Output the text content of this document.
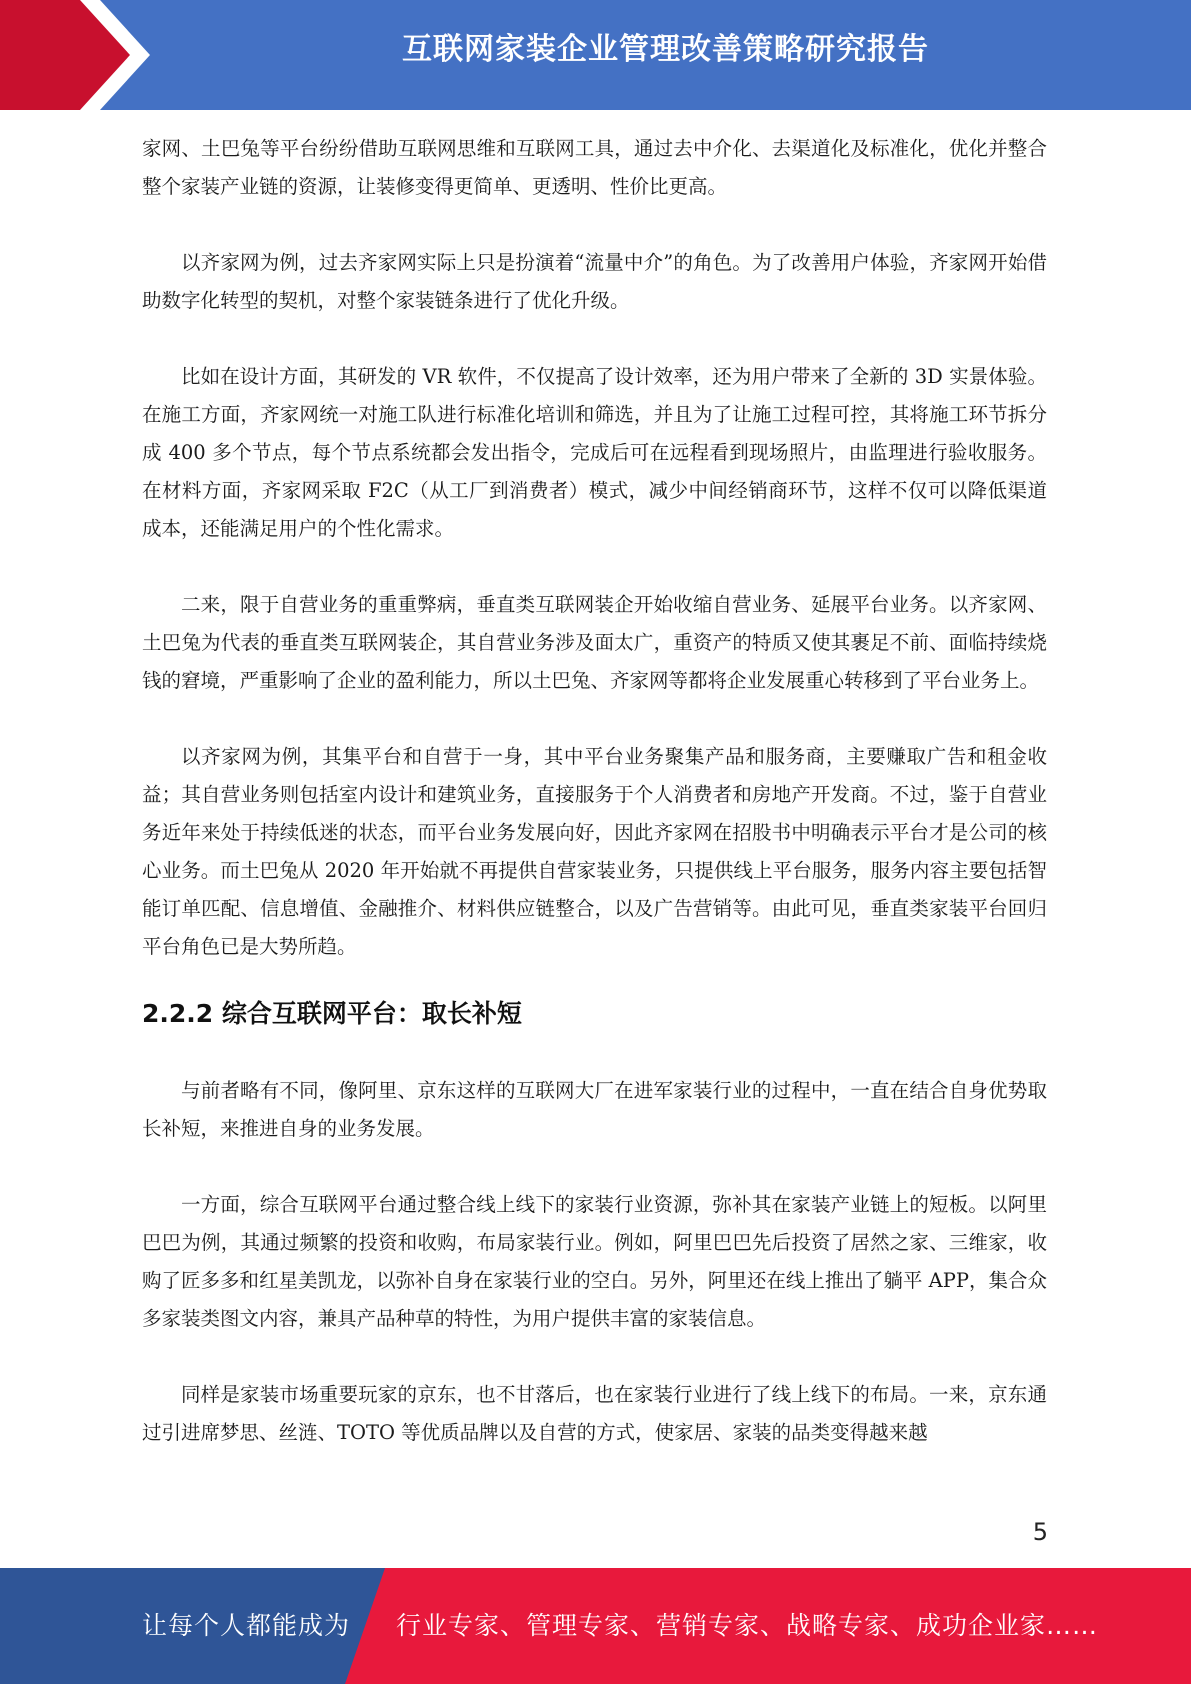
互联网家装企业管理改善策略研究报告

家网、土巴兔等平台纷纷借助互联网思维和互联网工具，通过去中介化、去渠道化及标准化，优化并整合整个家装产业链的资源，让装修变得更简单、更透明、性价比更高。

以齐家网为例，过去齐家网实际上只是扮演着“流量中介”的角色。为了改善用户体验，齐家网开始借助数字化转型的契机，对整个家装链条进行了优化升级。

比如在设计方面，其研发的 VR 软件，不仅提高了设计效率，还为用户带来了全新的 3D 实景体验。在施工方面，齐家网统一对施工队进行标准化培训和筛选，并且为了让施工过程可控，其将施工环节拆分成 400 多个节点，每个节点系统都会发出指令，完成后可在远程看到现场照片，由监理进行验收服务。在材料方面，齐家网采取 F2C（从工厂到消费者）模式，减少中间经销商环节，这样不仅可以降低渠道成本，还能满足用户的个性化需求。

二来，限于自营业务的重重弊病，垂直类互联网装企开始收缩自营业务、延展平台业务。以齐家网、土巴兔为代表的垂直类互联网装企，其自营业务涉及面太广，重资产的特质又使其裹足不前、面临持续烧钱的窘境，严重影响了企业的盈利能力，所以土巴兔、齐家网等都将企业发展重心转移到了平台业务上。

以齐家网为例，其集平台和自营于一身，其中平台业务聚集产品和服务商，主要赚取广告和租金收益；其自营业务则包括室内设计和建筑业务，直接服务于个人消费者和房地产开发商。不过，鉴于自营业务近年来处于持续低迷的状态，而平台业务发展向好，因此齐家网在招股书中明确表示平台才是公司的核心业务。而土巴兔从 2020 年开始就不再提供自营家装业务，只提供线上平台服务，服务内容主要包括智能订单匹配、信息增值、金融推介、材料供应链整合，以及广告营销等。由此可见，垂直类家装平台回归平台角色已是大势所趋。

2.2.2 综合互联网平台：取长补短

与前者略有不同，像阿里、京东这样的互联网大厂在进军家装行业的过程中，一直在结合自身优势取长补短，来推进自身的业务发展。

一方面，综合互联网平台通过整合线上线下的家装行业资源，弥补其在家装产业链上的短板。以阿里巴巴为例，其通过频繁的投资和收购，布局家装行业。例如，阿里巴巴先后投资了居然之家、三维家，收购了匠多多和红星美凯龙，以弥补自身在家装行业的空白。另外，阿里还在线上推出了躺平 APP，集合众多家装类图文内容，兼具产品种草的特性，为用户提供丰富的家装信息。

同样是家装市场重要玩家的京东，也不甘落后，也在家装行业进行了线上线下的布局。一来，京东通过引进席梦思、丝涟、TOTO 等优质品牌以及自营的方式，使家居、家装的品类变得越来越

5
让每个人都能成为 行业专家、管理专家、营销专家、战略专家、成功企业家……
